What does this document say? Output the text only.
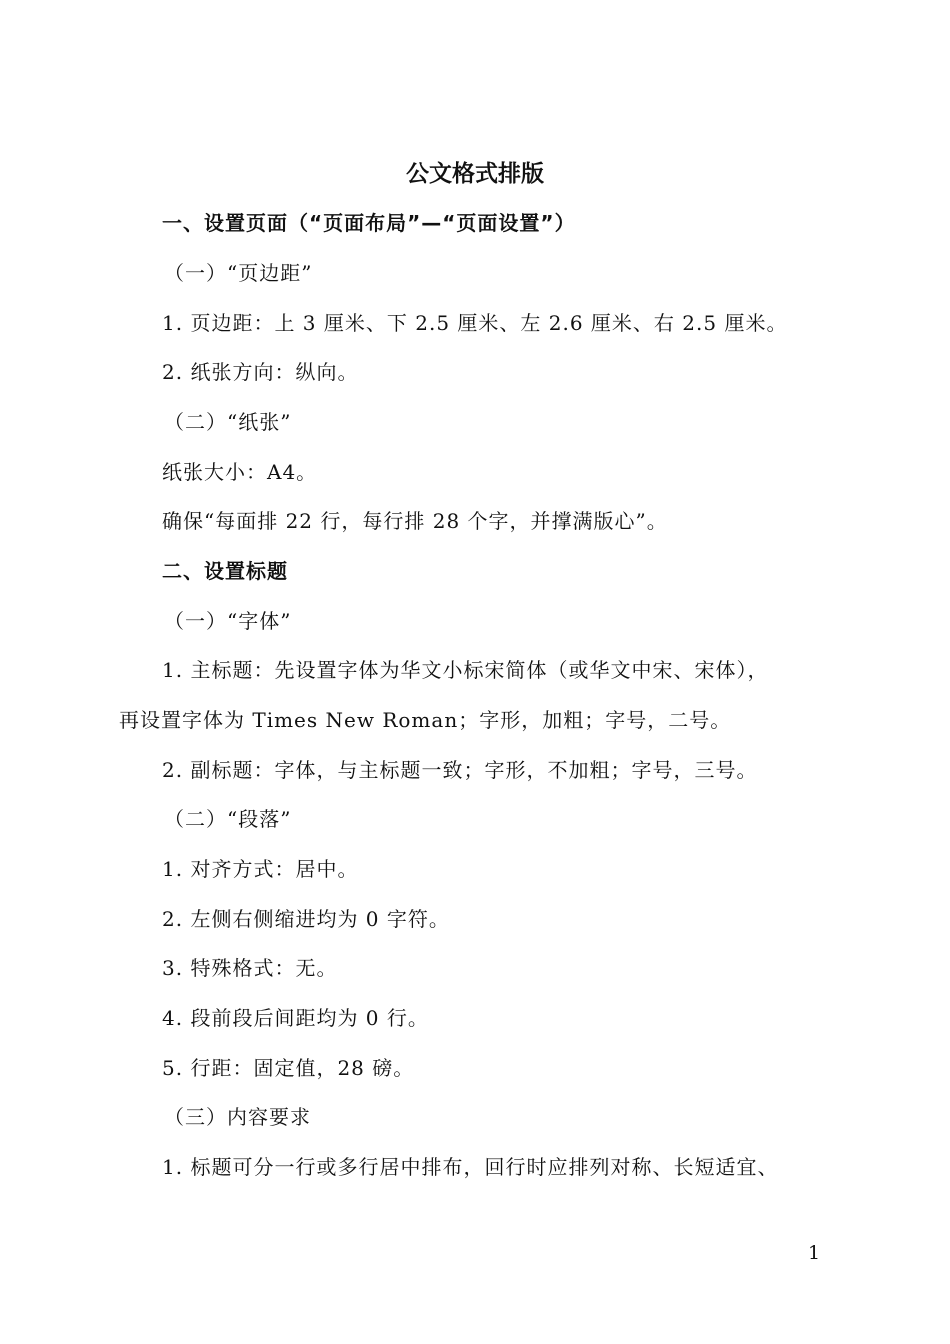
公文格式排版
一、设置页面（“页面布局”—“页面设置”）
（一）“页边距”
1. 页边距：上 3 厘米、下 2.5 厘米、左 2.6 厘米、右 2.5 厘米。
2. 纸张方向：纵向。
（二）“纸张”
纸张大小：A4。
确保“每面排 22 行，每行排 28 个字，并撑满版心”。
二、设置标题
（一）“字体”
1. 主标题：先设置字体为华文小标宋简体（或华文中宋、宋体），
再设置字体为 Times New Roman；字形，加粗；字号，二号。
2. 副标题：字体，与主标题一致；字形，不加粗；字号，三号。
（二）“段落”
1. 对齐方式：居中。
2. 左侧右侧缩进均为 0 字符。
3. 特殊格式：无。
4. 段前段后间距均为 0 行。
5. 行距：固定值，28 磅。
（三）内容要求
1. 标题可分一行或多行居中排布，回行时应排列对称、长短适宜、
1
